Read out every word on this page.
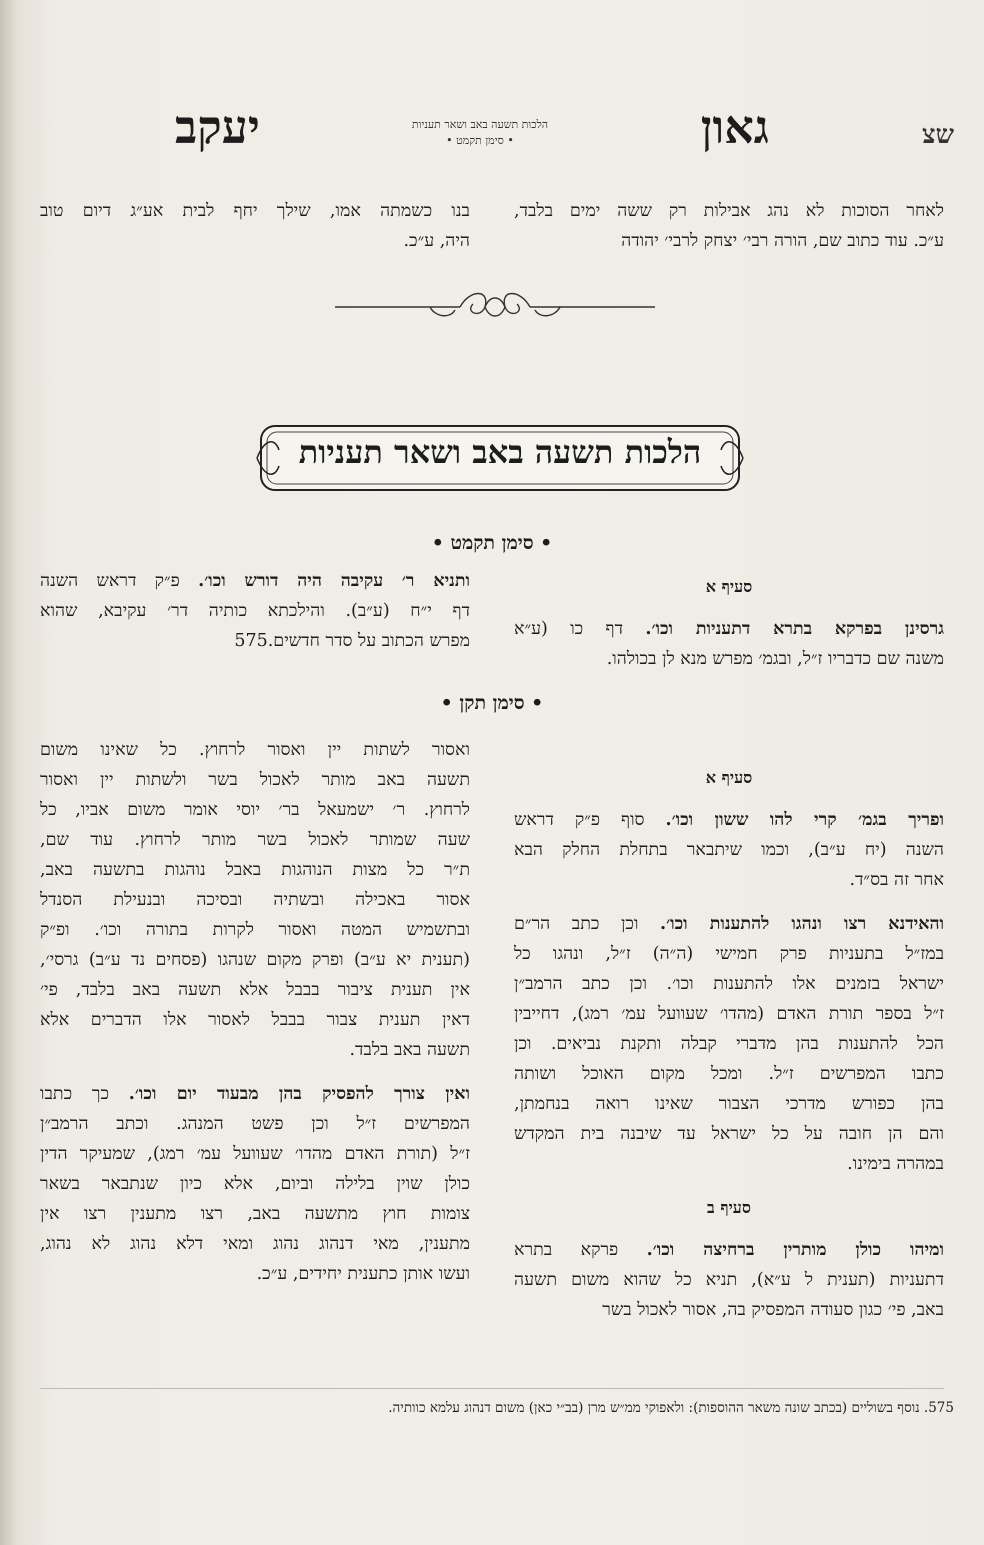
שצ
גאון
הלכות תשעה באב ושאר תעניות
• סימן תקמט •
יעקב
לאחר הסוכות לא נהג אבילות רק ששה ימים בלבד,
ע״כ. עוד כתוב שם, הורה רבי׳ יצחק לרבי׳ יהודה
בנו כשמתה אמו, שילך יחף לבית אע״ג דיום טוב
היה, ע״כ.
הלכות תשעה באב ושאר תעניות
• סימן תקמט •
סעיף א
גרסינן בפרקא בתרא דתעניות וכו׳. דף כו (ע״א
משנה שם כדבריו ז״ל, ובגמ׳ מפרש מנא לן בכולהו.
ותניא ר׳ עקיבה היה דורש וכו׳. פ״ק דראש השנה
דף י״ח (ע״ב). והילכתא כותיה דר׳ עקיבא, שהוא
מפרש הכתוב על סדר חדשים.575
• סימן תקן •
סעיף א
ופריך בגמ׳ קרי להו ששון וכו׳. סוף פ״ק דראש
השנה (יח ע״ב), וכמו שיתבאר בתחלת החלק הבא
אחר זה בס״ד.
והאידנא רצו ונהגו להתענות וכו׳. וכן כתב הר״ם
במז״ל בתעניות פרק חמישי (ה״ה) ז״ל, ונהגו כל
ישראל בזמנים אלו להתענות וכו׳. וכן כתב הרמב״ן
ז״ל בספר תורת האדם (מהדו׳ שעוועל עמ׳ רמג), דחייבין
הכל להתענות בהן מדברי קבלה ותקנת נביאים. וכן
כתבו המפרשים ז״ל. ומכל מקום האוכל ושותה
בהן כפורש מדרכי הצבור שאינו רואה בנחמתן,
והם הן חובה על כל ישראל עד שיבנה בית המקדש
במהרה בימינו.
סעיף ב
ומיהו כולן מותרין ברחיצה וכו׳. פרקא בתרא
דתעניות (תענית ל ע״א), תניא כל שהוא משום תשעה
באב, פי׳ כגון סעודה המפסיק בה, אסור לאכול בשר
ואסור לשתות יין ואסור לרחוץ. כל שאינו משום
תשעה באב מותר לאכול בשר ולשתות יין ואסור
לרחוץ. ר׳ ישמעאל בר׳ יוסי אומר משום אביו, כל
שעה שמותר לאכול בשר מותר לרחוץ. עוד שם,
ת״ר כל מצות הנוהגות באבל נוהגות בתשעה באב,
אסור באכילה ובשתיה ובסיכה ובנעילת הסנדל
ובתשמיש המטה ואסור לקרות בתורה וכו׳. ופ״ק
(תענית יא ע״ב) ופרק מקום שנהגו (פסחים נד ע״ב) גרסי׳,
אין תענית ציבור בבבל אלא תשעה באב בלבד, פי׳
דאין תענית צבור בבבל לאסור אלו הדברים אלא
תשעה באב בלבד.
ואין צורך להפסיק בהן מבעוד יום וכו׳. כך כתבו
המפרשים ז״ל וכן פשט המנהג. וכתב הרמב״ן
ז״ל (תורת האדם מהדו׳ שעוועל עמ׳ רמג), שמעיקר הדין
כולן שוין בלילה וביום, אלא כיון שנתבאר בשאר
צומות חוץ מתשעה באב, רצו מתענין רצו אין
מתענין, מאי דנהוג נהוג ומאי דלא נהוג לא נהוג,
ועשו אותן כתענית יחידים, ע״כ.
575. נוסף בשוליים (בכתב שונה משאר ההוספות): ולאפוקי ממ״ש מרן (בב״י כאן) משום דנהוג עלמא כוותיה.
